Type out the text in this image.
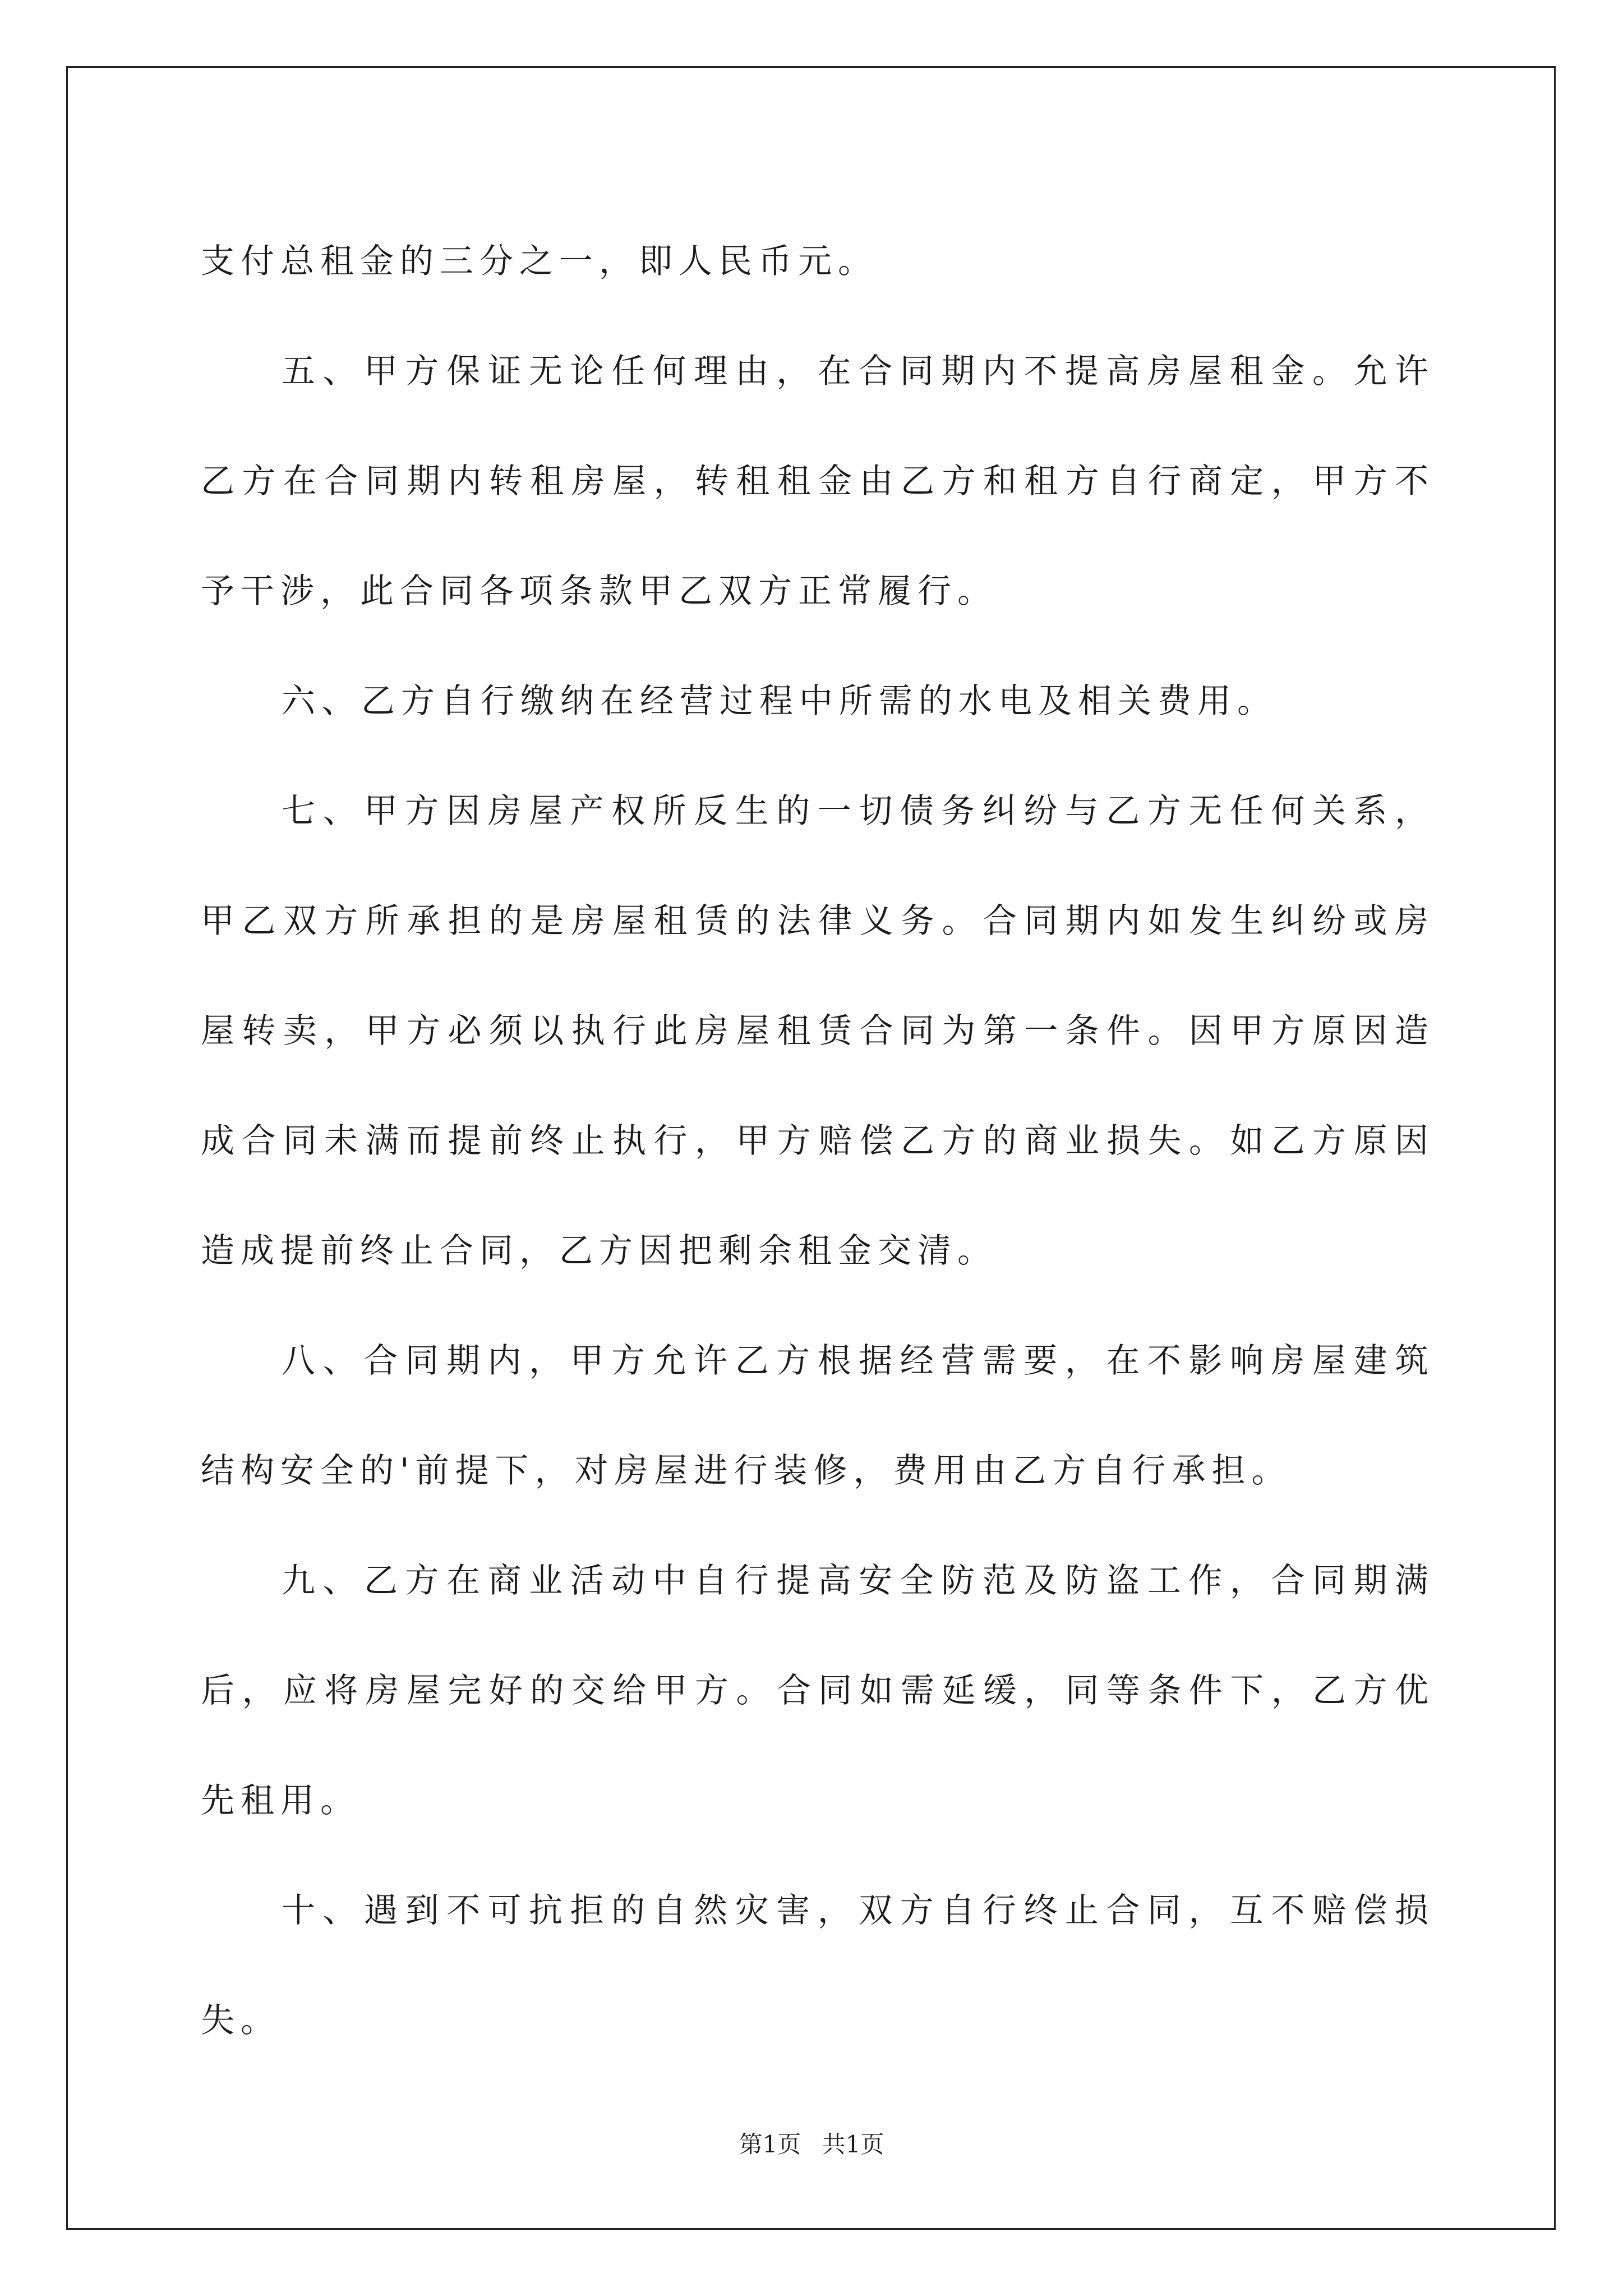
支付总租金的三分之一，即人民币元。

五、甲方保证无论任何理由，在合同期内不提高房屋租金。允许乙方在合同期内转租房屋，转租租金由乙方和租方自行商定，甲方不予干涉，此合同各项条款甲乙双方正常履行。

六、乙方自行缴纳在经营过程中所需的水电及相关费用。

七、甲方因房屋产权所反生的一切债务纠纷与乙方无任何关系，甲乙双方所承担的是房屋租赁的法律义务。合同期内如发生纠纷或房屋转卖，甲方必须以执行此房屋租赁合同为第一条件。因甲方原因造成合同未满而提前终止执行，甲方赔偿乙方的商业损失。如乙方原因造成提前终止合同，乙方因把剩余租金交清。

八、合同期内，甲方允许乙方根据经营需要，在不影响房屋建筑结构安全的'前提下，对房屋进行装修，费用由乙方自行承担。

九、乙方在商业活动中自行提高安全防范及防盗工作，合同期满后，应将房屋完好的交给甲方。合同如需延缓，同等条件下，乙方优先租用。

十、遇到不可抗拒的自然灾害，双方自行终止合同，互不赔偿损失。

第1页 共1页
